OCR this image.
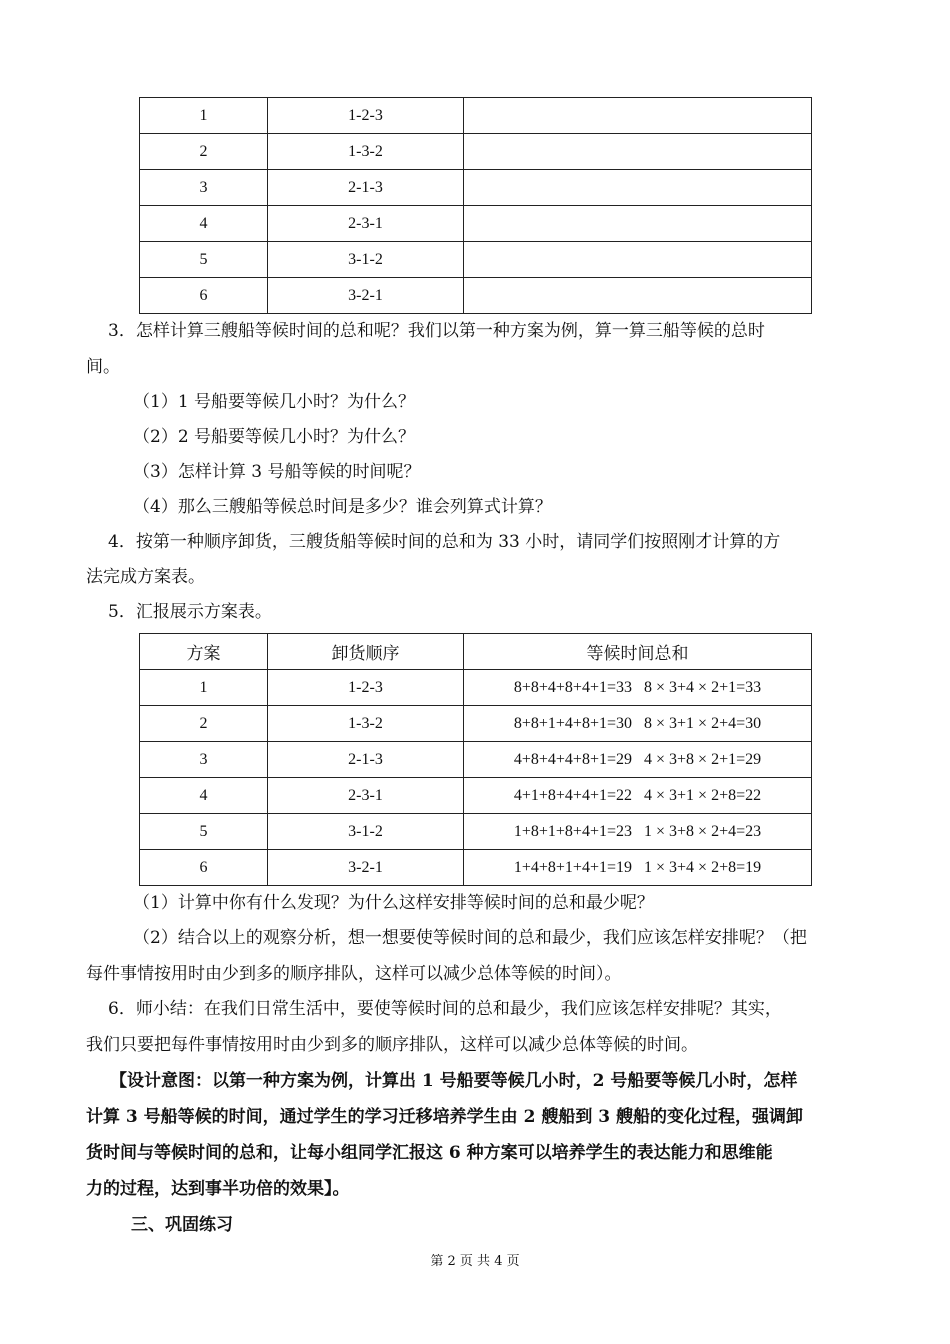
1	1-2-3	
2	1-3-2	
3	2-1-3	
4	2-3-1	
5	3-1-2	
6	3-2-1	
3．怎样计算三艘船等候时间的总和呢？我们以第一种方案为例，算一算三船等候的总时
间。
（1）1 号船要等候几小时？为什么？
（2）2 号船要等候几小时？为什么？
（3）怎样计算 3 号船等候的时间呢？
（4）那么三艘船等候总时间是多少？谁会列算式计算？
4．按第一种顺序卸货，三艘货船等候时间的总和为 33 小时，请同学们按照刚才计算的方
法完成方案表。
5．汇报展示方案表。
方案	卸货顺序	等候时间总和
1	1-2-3	8+8+4+8+4+1=33 8 × 3+4 × 2+1=33
2	1-3-2	8+8+1+4+8+1=30 8 × 3+1 × 2+4=30
3	2-1-3	4+8+4+4+8+1=29 4 × 3+8 × 2+1=29
4	2-3-1	4+1+8+4+4+1=22 4 × 3+1 × 2+8=22
5	3-1-2	1+8+1+8+4+1=23 1 × 3+8 × 2+4=23
6	3-2-1	1+4+8+1+4+1=19 1 × 3+4 × 2+8=19
（1）计算中你有什么发现？为什么这样安排等候时间的总和最少呢？
（2）结合以上的观察分析，想一想要使等候时间的总和最少，我们应该怎样安排呢？（把
每件事情按用时由少到多的顺序排队，这样可以减少总体等候的时间）。
6．师小结：在我们日常生活中，要使等候时间的总和最少，我们应该怎样安排呢？其实，
我们只要把每件事情按用时由少到多的顺序排队，这样可以减少总体等候的时间。
【设计意图：以第一种方案为例，计算出 1 号船要等候几小时，2 号船要等候几小时，怎样
计算 3 号船等候的时间，通过学生的学习迁移培养学生由 2 艘船到 3 艘船的变化过程，强调卸
货时间与等候时间的总和，让每小组同学汇报这 6 种方案可以培养学生的表达能力和思维能
力的过程，达到事半功倍的效果】。
三、巩固练习
第 2 页 共 4 页
